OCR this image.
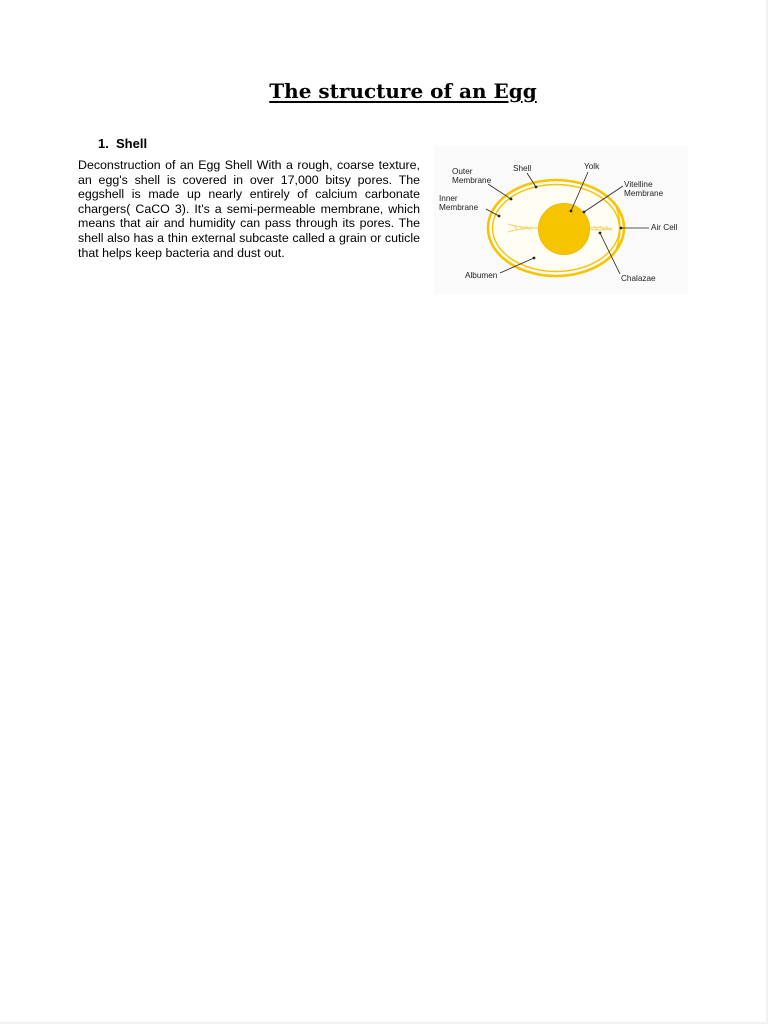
The structure of an Egg
1. Shell

Deconstruction of an Egg Shell With a rough, coarse texture, an egg's shell is covered in over 17,000 bitsy pores. The eggshell is made up nearly entirely of calcium carbonate chargers( CaCO 3). It's a semi-permeable membrane, which means that air and humidity can pass through its pores. The shell also has a thin external subcaste called a grain or cuticle that helps keep bacteria and dust out.

Outer
Membrane
Inner
Membrane
Shell	Yolk
Vitelline
Membrane
Air Cell
Albumen	Chalazae
